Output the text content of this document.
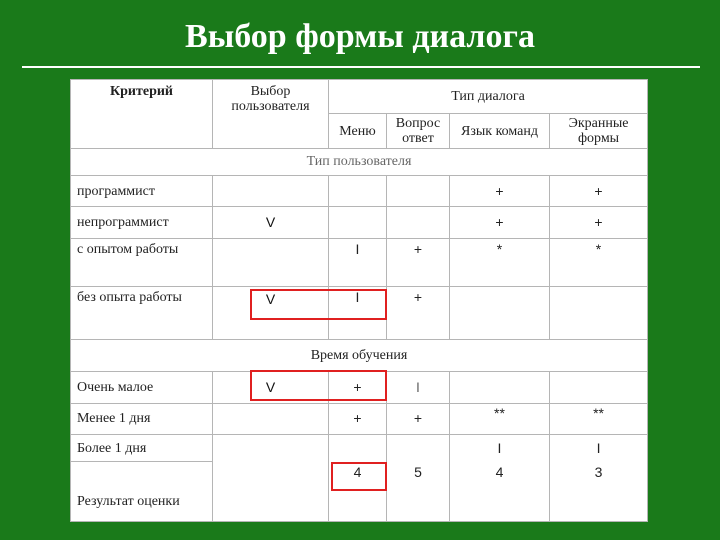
Выбор формы диалога
Критерий	Выбор пользователя	Тип диалога			
		Меню	Вопрос ответ	Язык команд	Экранные формы
Тип пользователя					
программист				+	+
непрограммист	V			+	+
с опытом работы		I	+	*	*
без опыта работы	V	I	+		
Время обучения					
Очень малое	V	+	I		
Менее 1 дня		+	+	**	**
Более 1 дня				I	I
Результат оценки		4	5	4	3
